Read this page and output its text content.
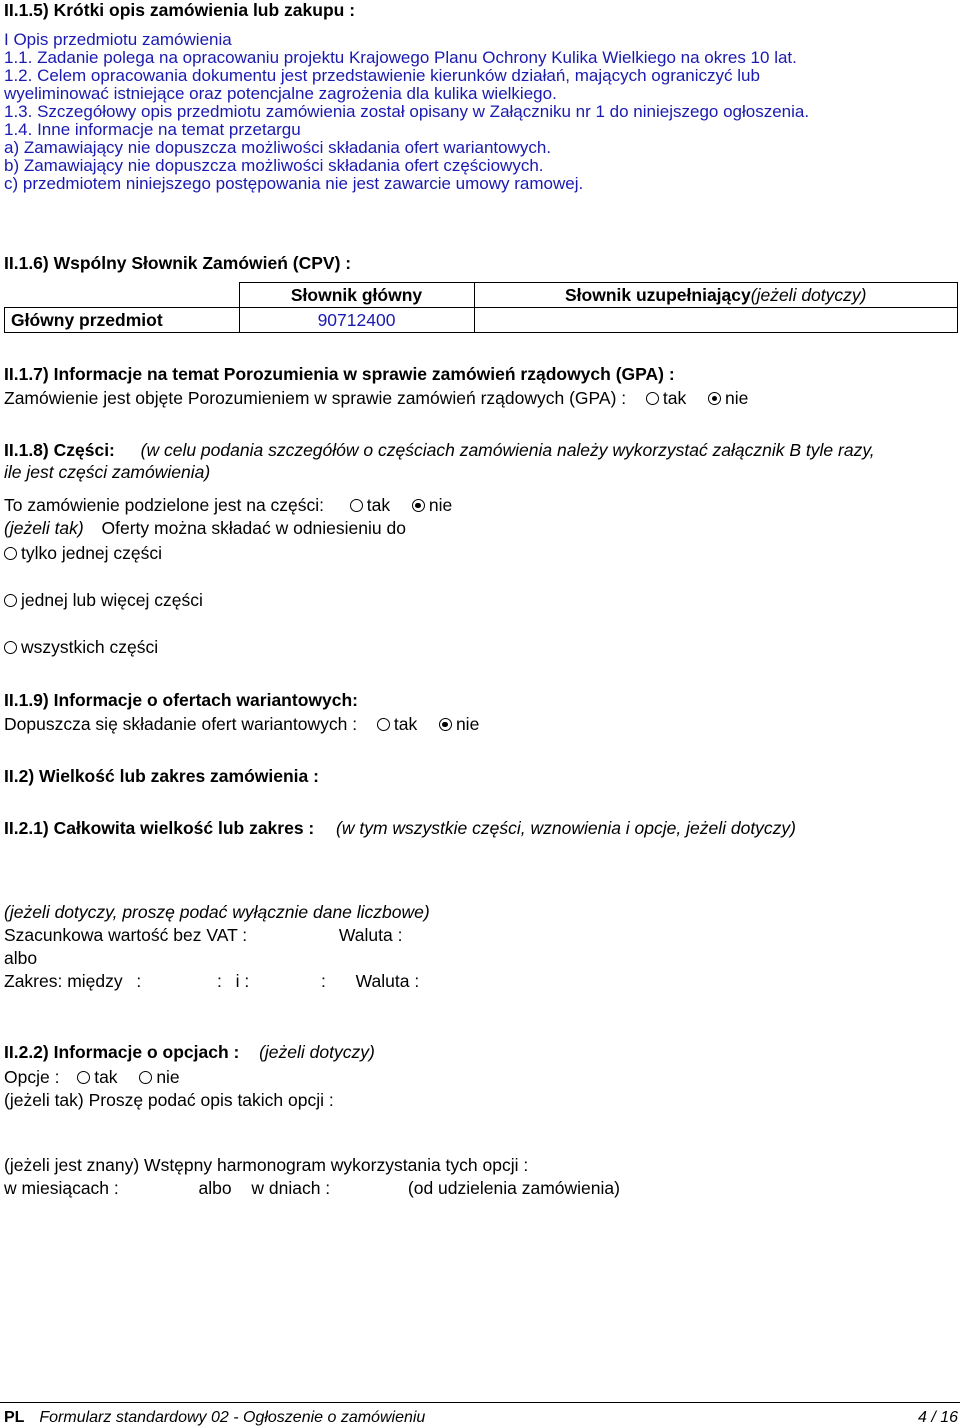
II.1.5) Krótki opis zamówienia lub zakupu :
I Opis przedmiotu zamówienia
1.1. Zadanie polega na opracowaniu projektu Krajowego Planu Ochrony Kulika Wielkiego na okres 10 lat.
1.2. Celem opracowania dokumentu jest przedstawienie kierunków działań, mających ograniczyć lub
wyeliminować istniejące oraz potencjalne zagrożenia dla kulika wielkiego.
1.3. Szczegółowy opis przedmiotu zamówienia został opisany w Załączniku nr 1 do niniejszego ogłoszenia.
1.4. Inne informacje na temat przetargu
a) Zamawiający nie dopuszcza możliwości składania ofert wariantowych.
b) Zamawiający nie dopuszcza możliwości składania ofert częściowych.
c) przedmiotem niniejszego postępowania nie jest zawarcie umowy ramowej.
II.1.6) Wspólny Słownik Zamówień (CPV) :
	Słownik główny	Słownik uzupełniający(jeżeli dotyczy)
Główny przedmiot	90712400	
II.1.7) Informacje na temat Porozumienia w sprawie zamówień rządowych (GPA) :
Zamówienie jest objęte Porozumieniem w sprawie zamówień rządowych (GPA) : tak nie
II.1.8) Części: (w celu podania szczegółów o częściach zamówienia należy wykorzystać załącznik B tyle razy,
ile jest części zamówienia)
To zamówienie podzielone jest na części: tak nie
(jeżeli tak) Oferty można składać w odniesieniu do
tylko jednej części
jednej lub więcej części
wszystkich części
II.1.9) Informacje o ofertach wariantowych:
Dopuszcza się składanie ofert wariantowych : tak nie
II.2) Wielkość lub zakres zamówienia :
II.2.1) Całkowita wielkość lub zakres : (w tym wszystkie części, wznowienia i opcje, jeżeli dotyczy)
(jeżeli dotyczy, proszę podać wyłącznie dane liczbowe)
Szacunkowa wartość bez VAT :	Waluta :
albo
Zakres: między :	: i :	: Waluta :
II.2.2) Informacje o opcjach : (jeżeli dotyczy)
Opcje : tak nie
(jeżeli tak) Proszę podać opis takich opcji :
(jeżeli jest znany) Wstępny harmonogram wykorzystania tych opcji :
w miesiącach :	albo w dniach :	(od udzielenia zamówienia)
PL Formularz standardowy 02 - Ogłoszenie o zamówieniu	4 / 16
